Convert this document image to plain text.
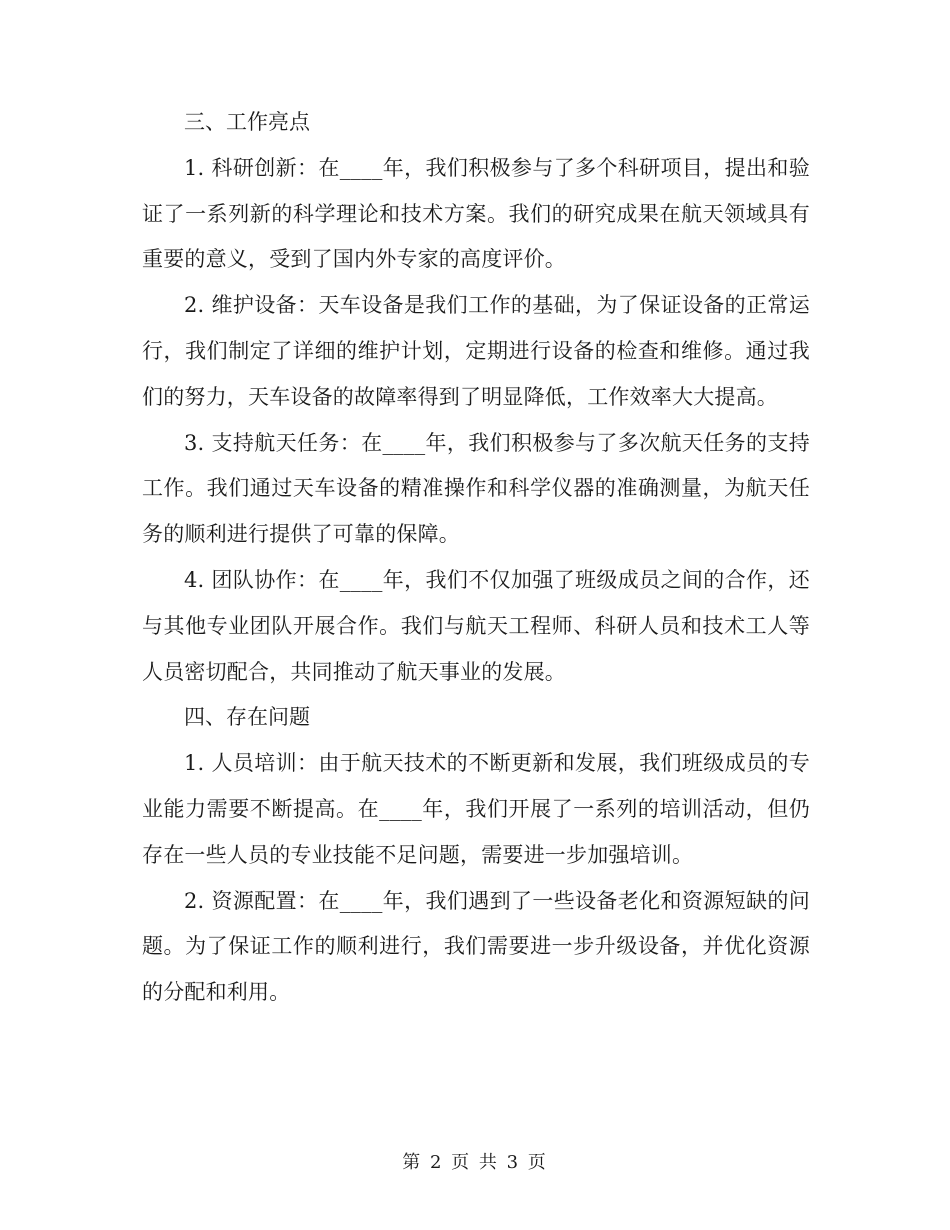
三、工作亮点

1. 科研创新：在____年，我们积极参与了多个科研项目，提出和验证了一系列新的科学理论和技术方案。我们的研究成果在航天领域具有重要的意义，受到了国内外专家的高度评价。

2. 维护设备：天车设备是我们工作的基础，为了保证设备的正常运行，我们制定了详细的维护计划，定期进行设备的检查和维修。通过我们的努力，天车设备的故障率得到了明显降低，工作效率大大提高。

3. 支持航天任务：在____年，我们积极参与了多次航天任务的支持工作。我们通过天车设备的精准操作和科学仪器的准确测量，为航天任务的顺利进行提供了可靠的保障。

4. 团队协作：在____年，我们不仅加强了班级成员之间的合作，还与其他专业团队开展合作。我们与航天工程师、科研人员和技术工人等人员密切配合，共同推动了航天事业的发展。

四、存在问题

1. 人员培训：由于航天技术的不断更新和发展，我们班级成员的专业能力需要不断提高。在____年，我们开展了一系列的培训活动，但仍存在一些人员的专业技能不足问题，需要进一步加强培训。

2. 资源配置：在____年，我们遇到了一些设备老化和资源短缺的问题。为了保证工作的顺利进行，我们需要进一步升级设备，并优化资源的分配和利用。

第 2 页 共 3 页
